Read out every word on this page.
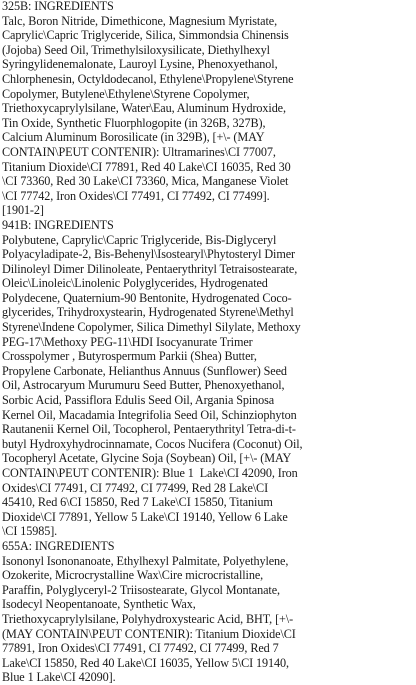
325B: INGREDIENTS
Talc, Boron Nitride, Dimethicone, Magnesium Myristate,
Caprylic\Capric Triglyceride, Silica, Simmondsia Chinensis
(Jojoba) Seed Oil, Trimethylsiloxysilicate, Diethylhexyl
Syringylidenemalonate, Lauroyl Lysine, Phenoxyethanol,
Chlorphenesin, Octyldodecanol, Ethylene\Propylene\Styrene
Copolymer, Butylene\Ethylene\Styrene Copolymer,
Triethoxycaprylylsilane, Water\Eau, Aluminum Hydroxide,
Tin Oxide, Synthetic Fluorphlogopite (in 326B, 327B),
Calcium Aluminum Borosilicate (in 329B), [+\- (MAY
CONTAIN\PEUT CONTENIR): Ultramarines\CI 77007,
Titanium Dioxide\CI 77891, Red 40 Lake\CI 16035, Red 30
\CI 73360, Red 30 Lake\CI 73360, Mica, Manganese Violet
\CI 77742, Iron Oxides\CI 77491, CI 77492, CI 77499].
[1901-2]
941B: INGREDIENTS
Polybutene, Caprylic\Capric Triglyceride, Bis-Diglyceryl
Polyacyladipate-2, Bis-Behenyl\Isostearyl\Phytosteryl Dimer
Dilinoleyl Dimer Dilinoleate, Pentaerythrityl Tetraisostearate,
Oleic\Linoleic\Linolenic Polyglycerides, Hydrogenated
Polydecene, Quaternium-90 Bentonite, Hydrogenated Coco-
glycerides, Trihydroxystearin, Hydrogenated Styrene\Methyl
Styrene\Indene Copolymer, Silica Dimethyl Silylate, Methoxy
PEG-17\Methoxy PEG-11\HDI Isocyanurate Trimer
Crosspolymer , Butyrospermum Parkii (Shea) Butter,
Propylene Carbonate, Helianthus Annuus (Sunflower) Seed
Oil, Astrocaryum Murumuru Seed Butter, Phenoxyethanol,
Sorbic Acid, Passiflora Edulis Seed Oil, Argania Spinosa
Kernel Oil, Macadamia Integrifolia Seed Oil, Schinziophyton
Rautanenii Kernel Oil, Tocopherol, Pentaerythrityl Tetra-di-t-
butyl Hydroxyhydrocinnamate, Cocos Nucifera (Coconut) Oil,
Tocopheryl Acetate, Glycine Soja (Soybean) Oil, [+\- (MAY
CONTAIN\PEUT CONTENIR): Blue 1  Lake\CI 42090, Iron
Oxides\CI 77491, CI 77492, CI 77499, Red 28 Lake\CI
45410, Red 6\CI 15850, Red 7 Lake\CI 15850, Titanium
Dioxide\CI 77891, Yellow 5 Lake\CI 19140, Yellow 6 Lake
\CI 15985].
655A: INGREDIENTS
Isononyl Isononanoate, Ethylhexyl Palmitate, Polyethylene,
Ozokerite, Microcrystalline Wax\Cire microcristalline,
Paraffin, Polyglyceryl-2 Triisostearate, Glycol Montanate,
Isodecyl Neopentanoate, Synthetic Wax,
Triethoxycaprylylsilane, Polyhydroxystearic Acid, BHT, [+\-
(MAY CONTAIN\PEUT CONTENIR): Titanium Dioxide\CI
77891, Iron Oxides\CI 77491, CI 77492, CI 77499, Red 7
Lake\CI 15850, Red 40 Lake\CI 16035, Yellow 5\CI 19140,
Blue 1 Lake\CI 42090].
